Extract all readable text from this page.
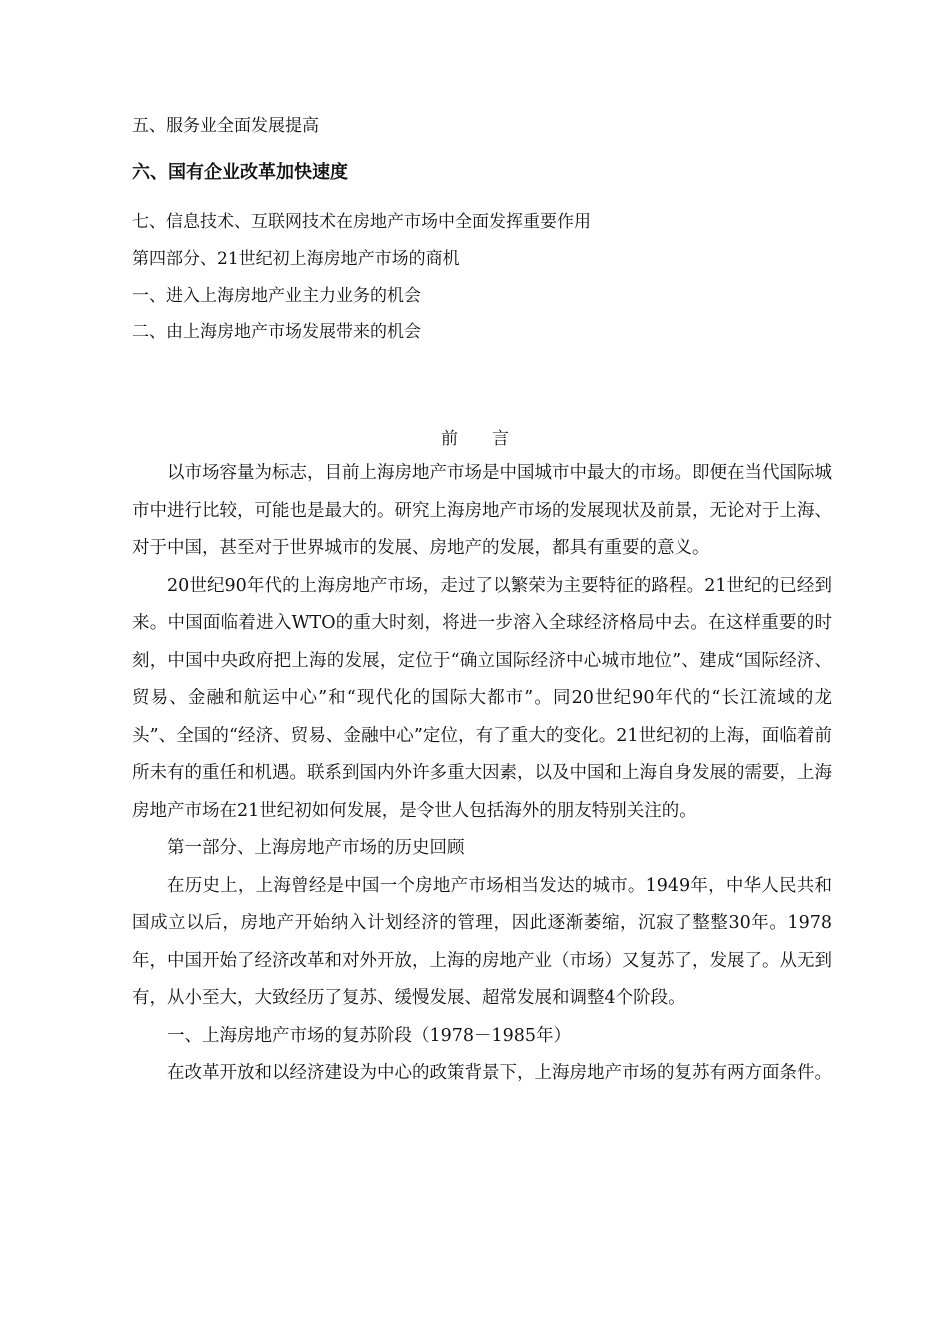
五、服务业全面发展提高
六、国有企业改革加快速度
七、信息技术、互联网技术在房地产市场中全面发挥重要作用
第四部分、21世纪初上海房地产市场的商机
一、进入上海房地产业主力业务的机会
二、由上海房地产市场发展带来的机会
前　　言

以市场容量为标志，目前上海房地产市场是中国城市中最大的市场。即便在当代国际城市中进行比较，可能也是最大的。研究上海房地产市场的发展现状及前景，无论对于上海、对于中国，甚至对于世界城市的发展、房地产的发展，都具有重要的意义。

20世纪90年代的上海房地产市场，走过了以繁荣为主要特征的路程。21世纪的已经到来。中国面临着进入WTO的重大时刻，将进一步溶入全球经济格局中去。在这样重要的时刻，中国中央政府把上海的发展，定位于“确立国际经济中心城市地位”、建成“国际经济、贸易、金融和航运中心”和“现代化的国际大都市”。同20世纪90年代的“长江流域的龙头”、全国的“经济、贸易、金融中心”定位，有了重大的变化。21世纪初的上海，面临着前所未有的重任和机遇。联系到国内外许多重大因素，以及中国和上海自身发展的需要，上海房地产市场在21世纪初如何发展，是令世人包括海外的朋友特别关注的。

第一部分、上海房地产市场的历史回顾

在历史上，上海曾经是中国一个房地产市场相当发达的城市。1949年，中华人民共和国成立以后，房地产开始纳入计划经济的管理，因此逐渐萎缩，沉寂了整整30年。1978年，中国开始了经济改革和对外开放，上海的房地产业（市场）又复苏了，发展了。从无到有，从小至大，大致经历了复苏、缓慢发展、超常发展和调整4个阶段。

一、上海房地产市场的复苏阶段（1978－1985年）

在改革开放和以经济建设为中心的政策背景下，上海房地产市场的复苏有两方面条件。
